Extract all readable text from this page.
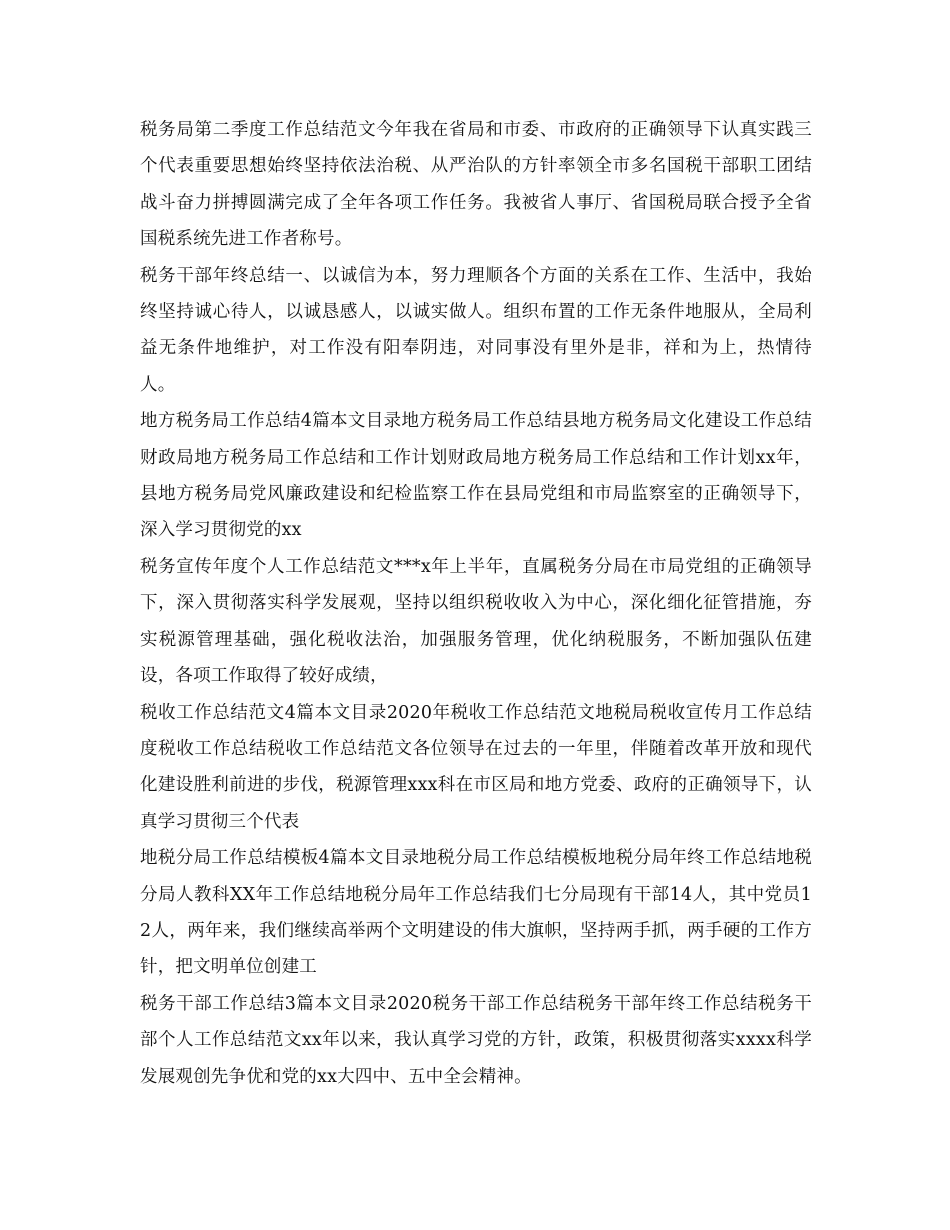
税务局第二季度工作总结范文今年我在省局和市委、市政府的正确领导下认真实践三个代表重要思想始终坚持依法治税、从严治队的方针率领全市多名国税干部职工团结战斗奋力拼搏圆满完成了全年各项工作任务。我被省人事厅、省国税局联合授予全省国税系统先进工作者称号。

税务干部年终总结一、以诚信为本，努力理顺各个方面的关系在工作、生活中，我始终坚持诚心待人，以诚恳感人，以诚实做人。组织布置的工作无条件地服从，全局利益无条件地维护，对工作没有阳奉阴违，对同事没有里外是非，祥和为上，热情待人。

地方税务局工作总结4篇本文目录地方税务局工作总结县地方税务局文化建设工作总结财政局地方税务局工作总结和工作计划财政局地方税务局工作总结和工作计划xx年，县地方税务局党风廉政建设和纪检监察工作在县局党组和市局监察室的正确领导下，深入学习贯彻党的xx

税务宣传年度个人工作总结范文***x年上半年，直属税务分局在市局党组的正确领导下，深入贯彻落实科学发展观，坚持以组织税收收入为中心，深化细化征管措施，夯实税源管理基础，强化税收法治，加强服务管理，优化纳税服务，不断加强队伍建设，各项工作取得了较好成绩，

税收工作总结范文4篇本文目录2020年税收工作总结范文地税局税收宣传月工作总结度税收工作总结税收工作总结范文各位领导在过去的一年里，伴随着改革开放和现代化建设胜利前进的步伐，税源管理xxx科在市区局和地方党委、政府的正确领导下，认真学习贯彻三个代表

地税分局工作总结模板4篇本文目录地税分局工作总结模板地税分局年终工作总结地税分局人教科XX年工作总结地税分局年工作总结我们七分局现有干部14人，其中党员12人，两年来，我们继续高举两个文明建设的伟大旗帜，坚持两手抓，两手硬的工作方针，把文明单位创建工

税务干部工作总结3篇本文目录2020税务干部工作总结税务干部年终工作总结税务干部个人工作总结范文xx年以来，我认真学习党的方针，政策，积极贯彻落实xxxx科学发展观创先争优和党的xx大四中、五中全会精神。
